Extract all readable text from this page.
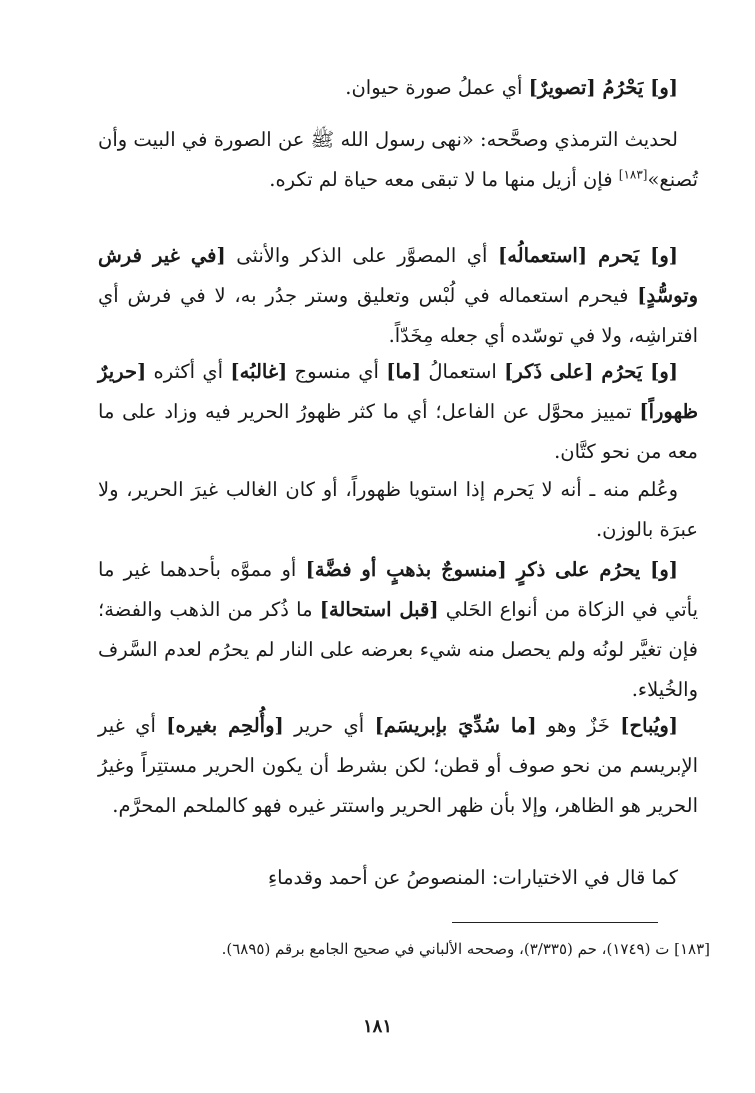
[و] يَحْرُمُ [تصويرٌ] أي عملُ صورة حيوان.

لحديث الترمذي وصحَّحه: «نهى رسول الله ﷺ عن الصورة في البيت وأن تُصنع»[١٨٣] فإن أزيل منها ما لا تبقى معه حياة لم تكره.

[و] يَحرم [استعمالُه] أي المصوَّر على الذكر والأنثى [في غير فرش وتوسُّدٍ] فيحرم استعماله في لُبْس وتعليق وستر جدُر به، لا في فرش أي افتراشِه، ولا في توسّده أي جعله مِخَدّاً.

[و] يَحرُم [على ذَكر] استعمالُ [ما] أي منسوج [غالبُه] أي أكثره [حريرٌ ظهوراً] تمييز محوَّل عن الفاعل؛ أي ما كثر ظهورُ الحرير فيه وزاد على ما معه من نحو كتَّان.

وعُلم منه ـ أنه لا يَحرم إذا استويا ظهوراً، أو كان الغالب غيرَ الحرير، ولا عبرَة بالوزن.

[و] يحرُم على ذكرٍ [منسوجٌ بذهبٍ أو فضَّة] أو مموَّه بأحدهما غير ما يأتي في الزكاة من أنواع الحَلي [قبل استحالة] ما ذُكر من الذهب والفضة؛ فإن تغيَّر لونُه ولم يحصل منه شيء بعرضه على النار لم يحرُم لعدم السَّرف والخُيلاء.

[ويُباح] خَزٌ وهو [ما سُدِّيَ بإبريسَم] أي حرير [وأُلحِم بغيره] أي غير الإبريسم من نحو صوف أو قطن؛ لكن بشرط أن يكون الحرير مستتِراً وغيرُ الحرير هو الظاهر، وإلا بأن ظهر الحرير واستتر غيره فهو كالملحم المحرَّم.

كما قال في الاختيارات: المنصوصُ عن أحمد وقدماءِ

[١٨٣] ت (١٧٤٩)، حم (٣/٣٣٥)، وصححه الألباني في صحيح الجامع برقم (٦٨٩٥).

١٨١
